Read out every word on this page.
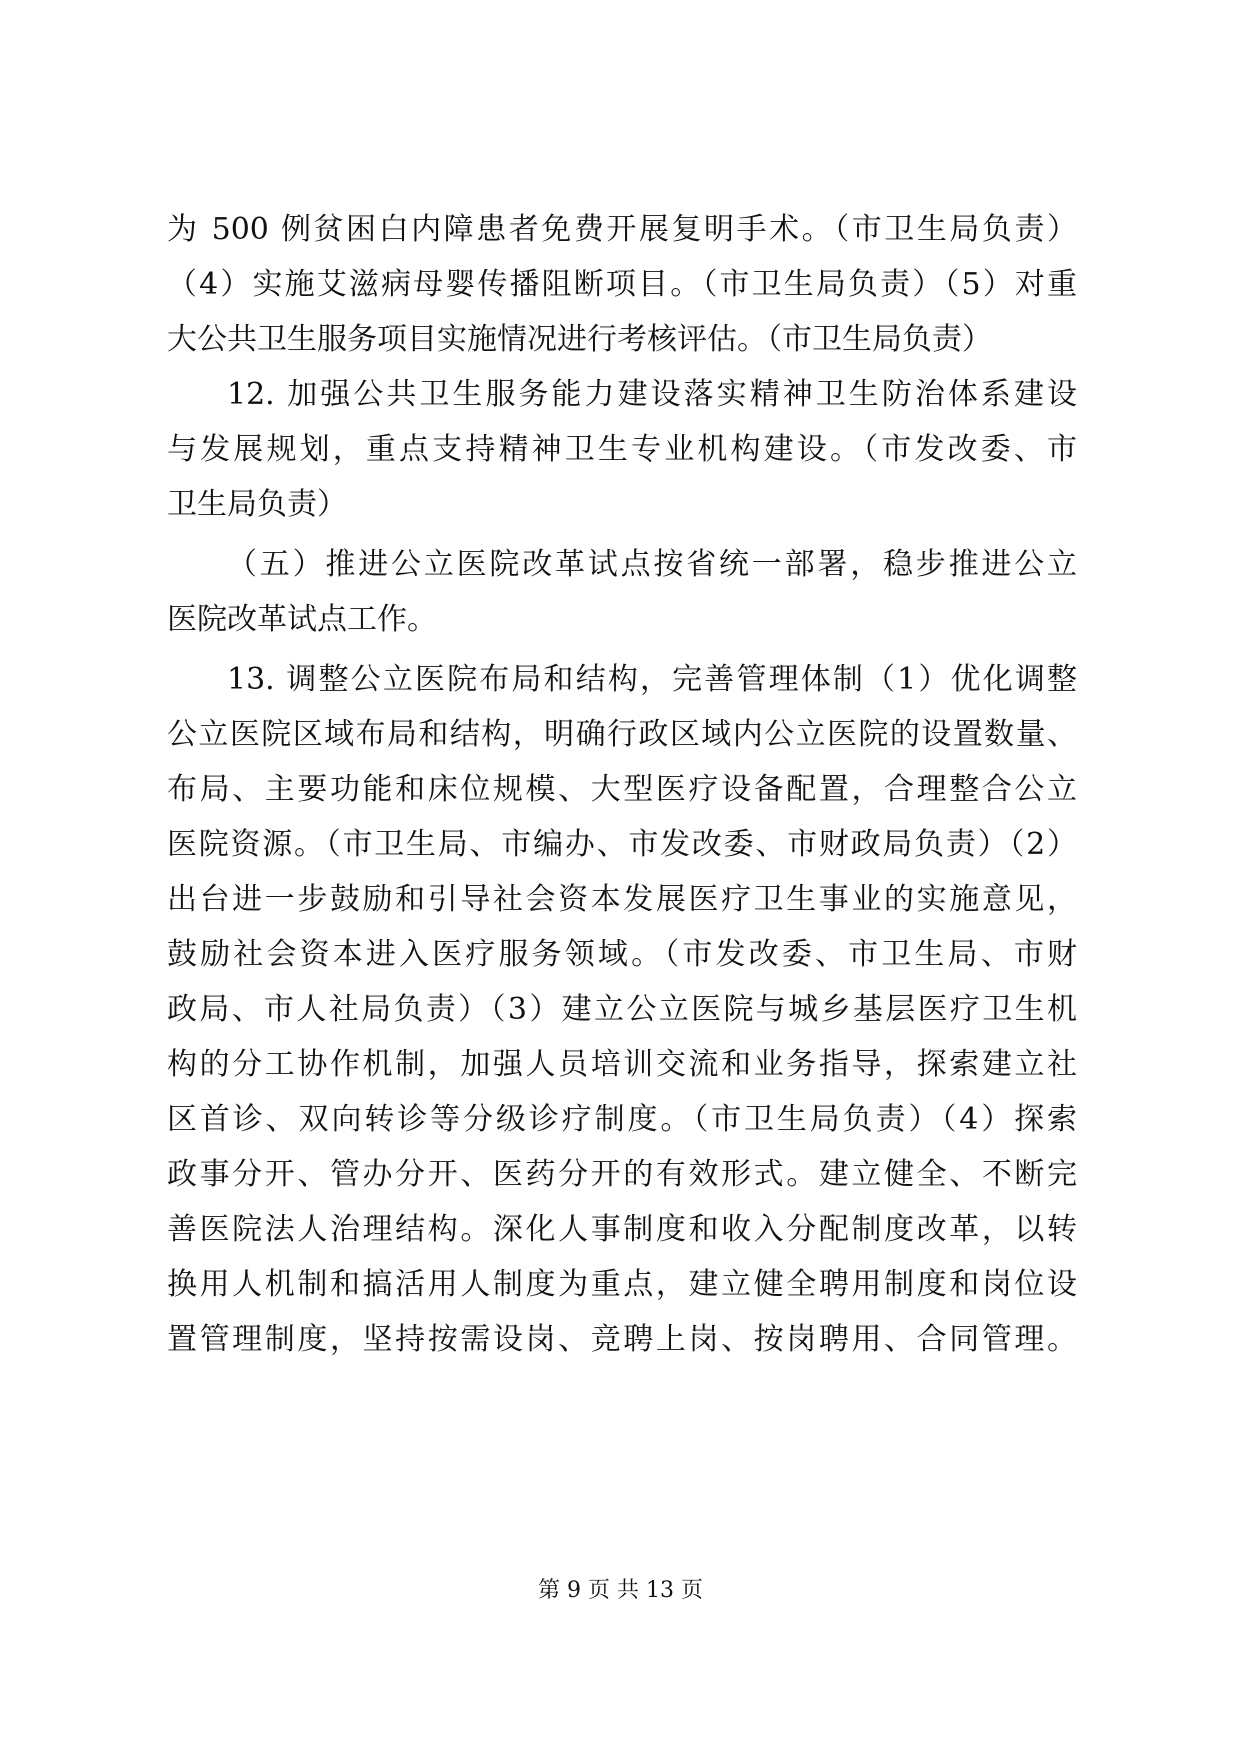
为 500 例贫困白内障患者免费开展复明手术。（市卫生局负责）
（4）实施艾滋病母婴传播阻断项目。（市卫生局负责）（5）对重
大公共卫生服务项目实施情况进行考核评估。（市卫生局负责）
12. 加强公共卫生服务能力建设落实精神卫生防治体系建设
与发展规划，重点支持精神卫生专业机构建设。（市发改委、市
卫生局负责）
（五）推进公立医院改革试点按省统一部署，稳步推进公立
医院改革试点工作。
13. 调整公立医院布局和结构，完善管理体制（1）优化调整
公立医院区域布局和结构，明确行政区域内公立医院的设置数量、
布局、主要功能和床位规模、大型医疗设备配置，合理整合公立
医院资源。（市卫生局、市编办、市发改委、市财政局负责）（2）
出台进一步鼓励和引导社会资本发展医疗卫生事业的实施意见，
鼓励社会资本进入医疗服务领域。（市发改委、市卫生局、市财
政局、市人社局负责）（3）建立公立医院与城乡基层医疗卫生机
构的分工协作机制，加强人员培训交流和业务指导，探索建立社
区首诊、双向转诊等分级诊疗制度。（市卫生局负责）（4）探索
政事分开、管办分开、医药分开的有效形式。建立健全、不断完
善医院法人治理结构。深化人事制度和收入分配制度改革，以转
换用人机制和搞活用人制度为重点，建立健全聘用制度和岗位设
置管理制度，坚持按需设岗、竞聘上岗、按岗聘用、合同管理。
第 9 页 共 13 页
